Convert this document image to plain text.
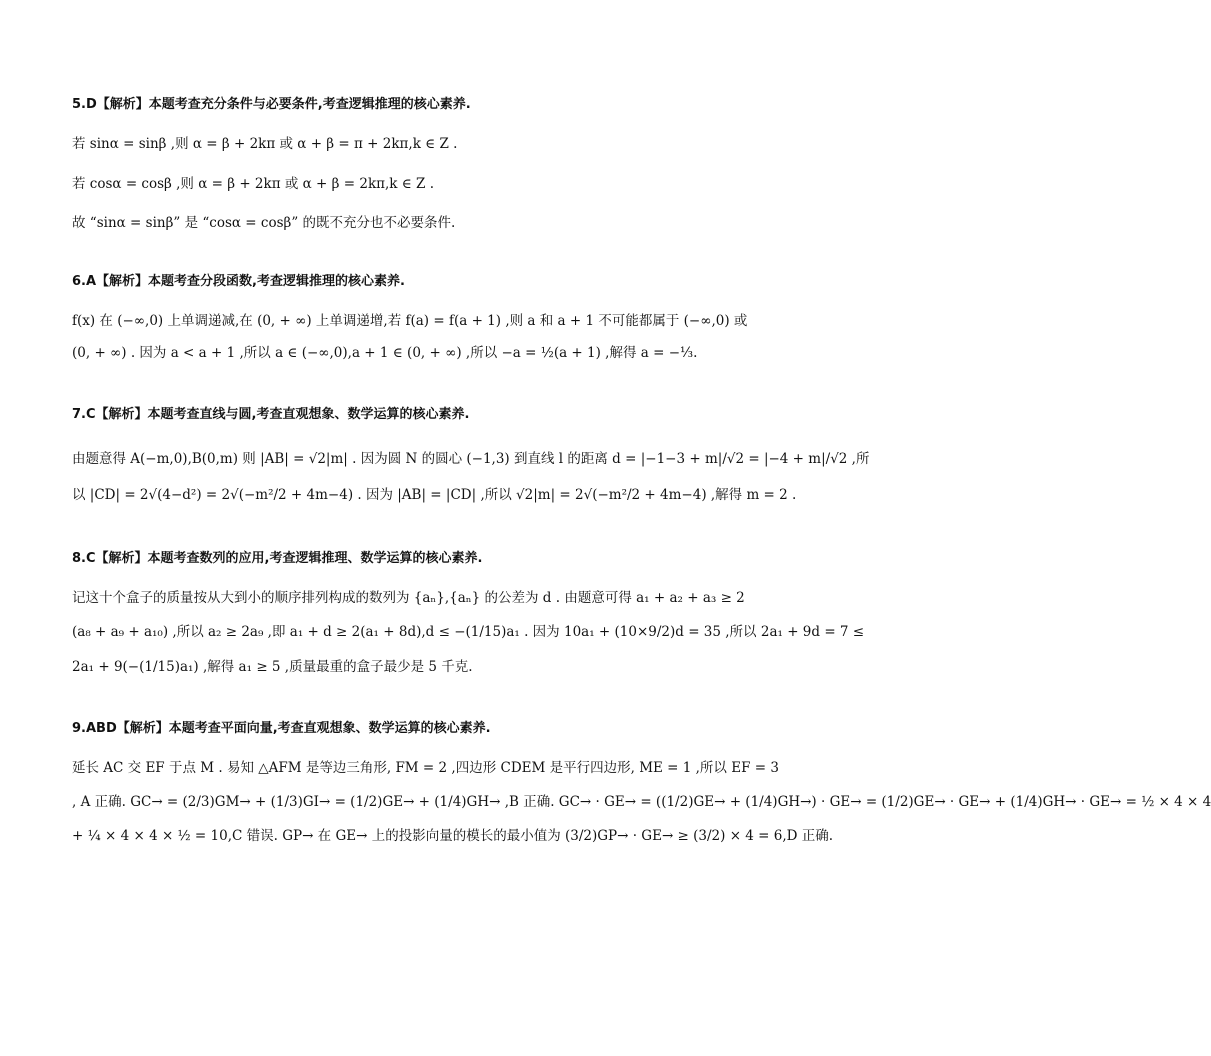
5.D【解析】本题考查充分条件与必要条件,考查逻辑推理的核心素养.
若 sinα = sinβ ,则 α = β + 2kπ 或 α + β = π + 2kπ,k ∈ Z .
若 cosα = cosβ ,则 α = β + 2kπ 或 α + β = 2kπ,k ∈ Z .
故 “sinα = sinβ” 是 “cosα = cosβ” 的既不充分也不必要条件.
6.A【解析】本题考查分段函数,考查逻辑推理的核心素养.
f(x) 在 (−∞,0) 上单调递减,在 (0, + ∞) 上单调递增,若 f(a) = f(a + 1) ,则 a 和 a + 1 不可能都属于 (−∞,0) 或
(0, + ∞) . 因为 a < a + 1 ,所以 a ∈ (−∞,0),a + 1 ∈ (0, + ∞) ,所以 −a = ½(a + 1) ,解得 a = −⅓.
7.C【解析】本题考查直线与圆,考查直观想象、数学运算的核心素养.
由题意得 A(−m,0),B(0,m) 则 |AB| = √2|m| . 因为圆 N 的圆心 (−1,3) 到直线 l 的距离 d = |−1−3 + m|/√2 = |−4 + m|/√2 ,所
以 |CD| = 2√(4−d²) = 2√(−m²/2 + 4m−4) . 因为 |AB| = |CD| ,所以 √2|m| = 2√(−m²/2 + 4m−4) ,解得 m = 2 .
8.C【解析】本题考查数列的应用,考查逻辑推理、数学运算的核心素养.
记这十个盒子的质量按从大到小的顺序排列构成的数列为 {aₙ},{aₙ} 的公差为 d . 由题意可得 a₁ + a₂ + a₃ ≥ 2
(a₈ + a₉ + a₁₀) ,所以 a₂ ≥ 2a₉ ,即 a₁ + d ≥ 2(a₁ + 8d),d ≤ −(1/15)a₁ . 因为 10a₁ + (10×9/2)d = 35 ,所以 2a₁ + 9d = 7 ≤
2a₁ + 9(−(1/15)a₁) ,解得 a₁ ≥ 5 ,质量最重的盒子最少是 5 千克.
9.ABD【解析】本题考查平面向量,考查直观想象、数学运算的核心素养.
延长 AC 交 EF 于点 M . 易知 △AFM 是等边三角形, FM = 2 ,四边形 CDEM 是平行四边形, ME = 1 ,所以 EF = 3
, A 正确. GC→ = (2/3)GM→ + (1/3)GI→ = (1/2)GE→ + (1/4)GH→ ,B 正确. GC→ · GE→ = ((1/2)GE→ + (1/4)GH→) · GE→ = (1/2)GE→ · GE→ + (1/4)GH→ · GE→ = ½ × 4 × 4
+ ¼ × 4 × 4 × ½ = 10,C 错误. GP→ 在 GE→ 上的投影向量的模长的最小值为 (3/2)GP→ · GE→ ≥ (3/2) × 4 = 6,D 正确.
